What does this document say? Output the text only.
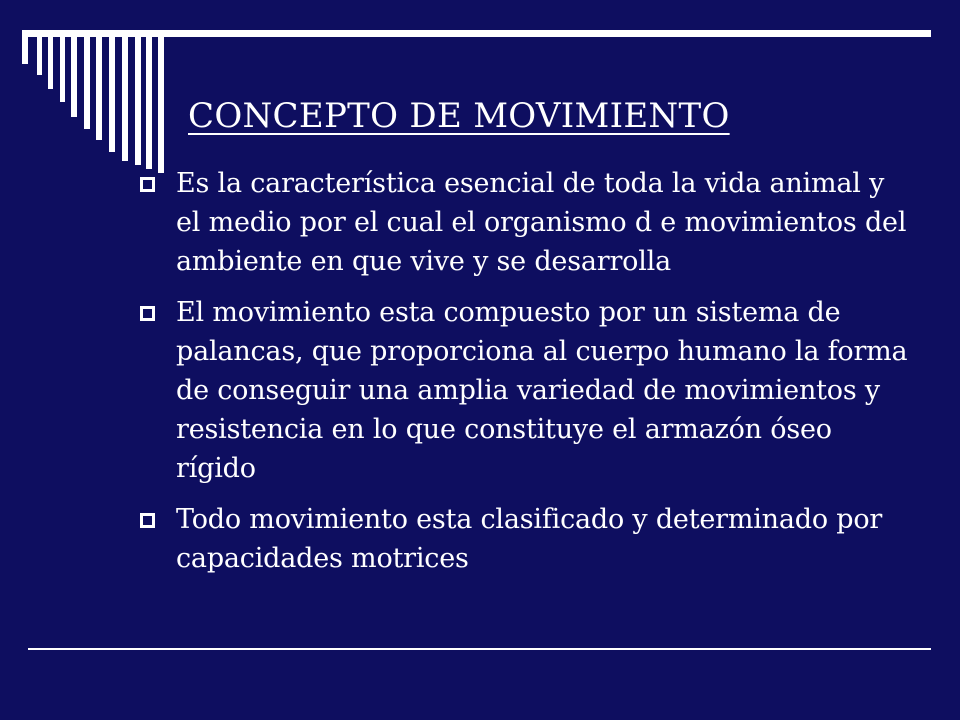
CONCEPTO DE MOVIMIENTO
Es la característica esencial de toda la vida animal y el medio por el cual el organismo d e movimientos del ambiente en que vive y se desarrolla
El movimiento esta compuesto por un sistema de palancas, que proporciona al cuerpo humano la forma de conseguir una amplia variedad de movimientos y resistencia en lo que constituye el armazón óseo rígido
Todo movimiento esta clasificado y determinado por capacidades motrices
